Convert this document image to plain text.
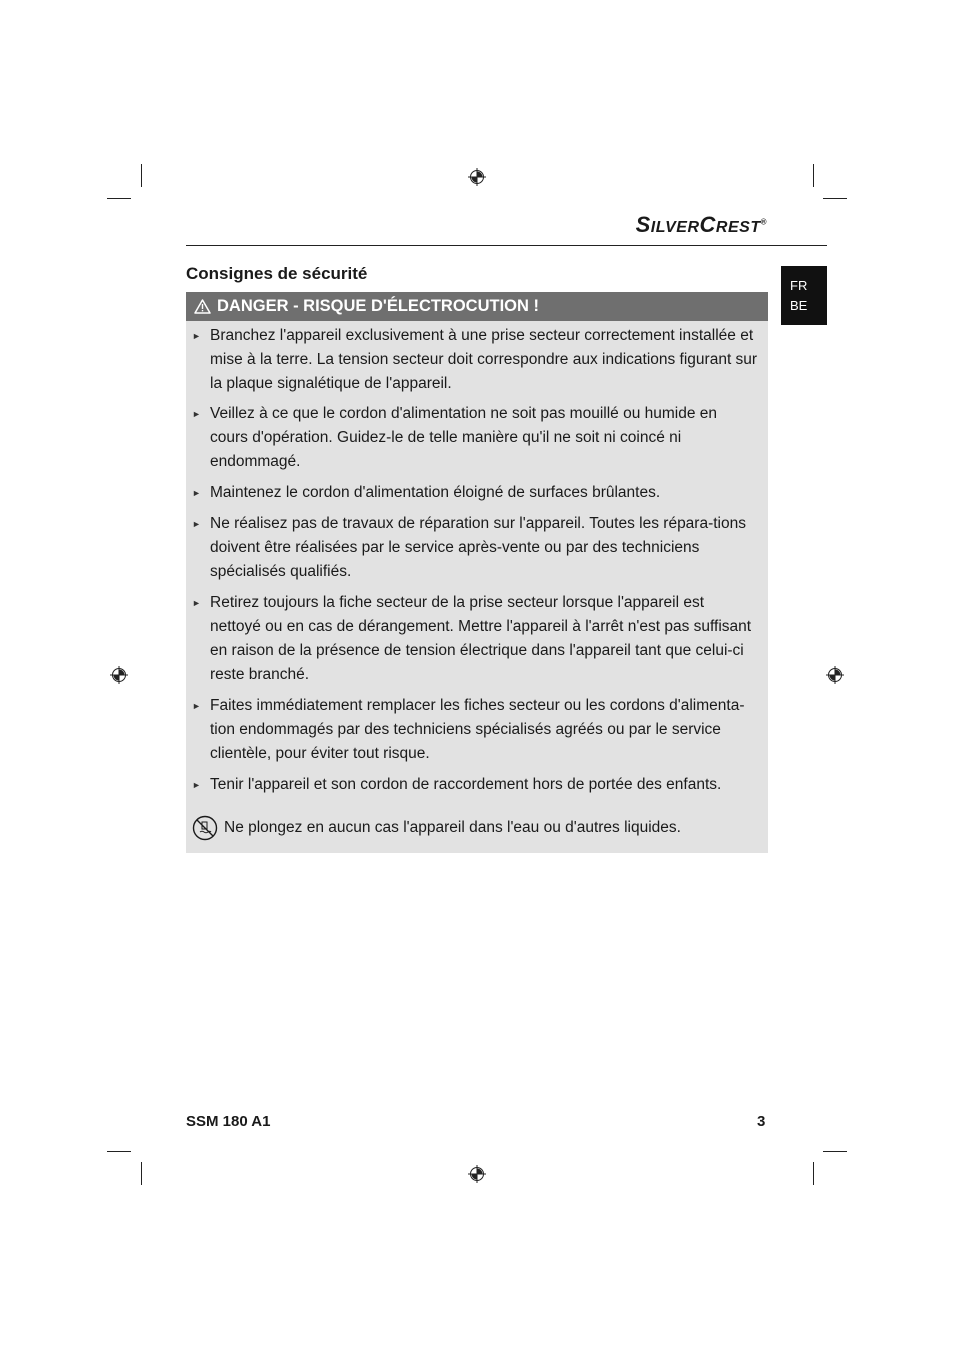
SILVERCREST®
FR
BE
Consignes de sécurité
DANGER - RISQUE D'ÉLECTROCUTION !
► Branchez l'appareil exclusivement à une prise secteur correctement installée et mise à la terre. La tension secteur doit correspondre aux indications figurant sur la plaque signalétique de l'appareil.
► Veillez à ce que le cordon d'alimentation ne soit pas mouillé ou humide en cours d'opération. Guidez-le de telle manière qu'il ne soit ni coincé ni endommagé.
► Maintenez le cordon d'alimentation éloigné de surfaces brûlantes.
► Ne réalisez pas de travaux de réparation sur l'appareil. Toutes les répara-tions doivent être réalisées par le service après-vente ou par des techniciens spécialisés qualifiés.
► Retirez toujours la fiche secteur de la prise secteur lorsque l'appareil est nettoyé ou en cas de dérangement. Mettre l'appareil à l'arrêt n'est pas suffisant en raison de la présence de tension électrique dans l'appareil tant que celui-ci reste branché.
► Faites immédiatement remplacer les fiches secteur ou les cordons d'alimenta-tion endommagés par des techniciens spécialisés agréés ou par le service clientèle, pour éviter tout risque.
► Tenir l'appareil et son cordon de raccordement hors de portée des enfants.
Ne plongez en aucun cas l'appareil dans l'eau ou d'autres liquides.
SSM 180 A1	3
